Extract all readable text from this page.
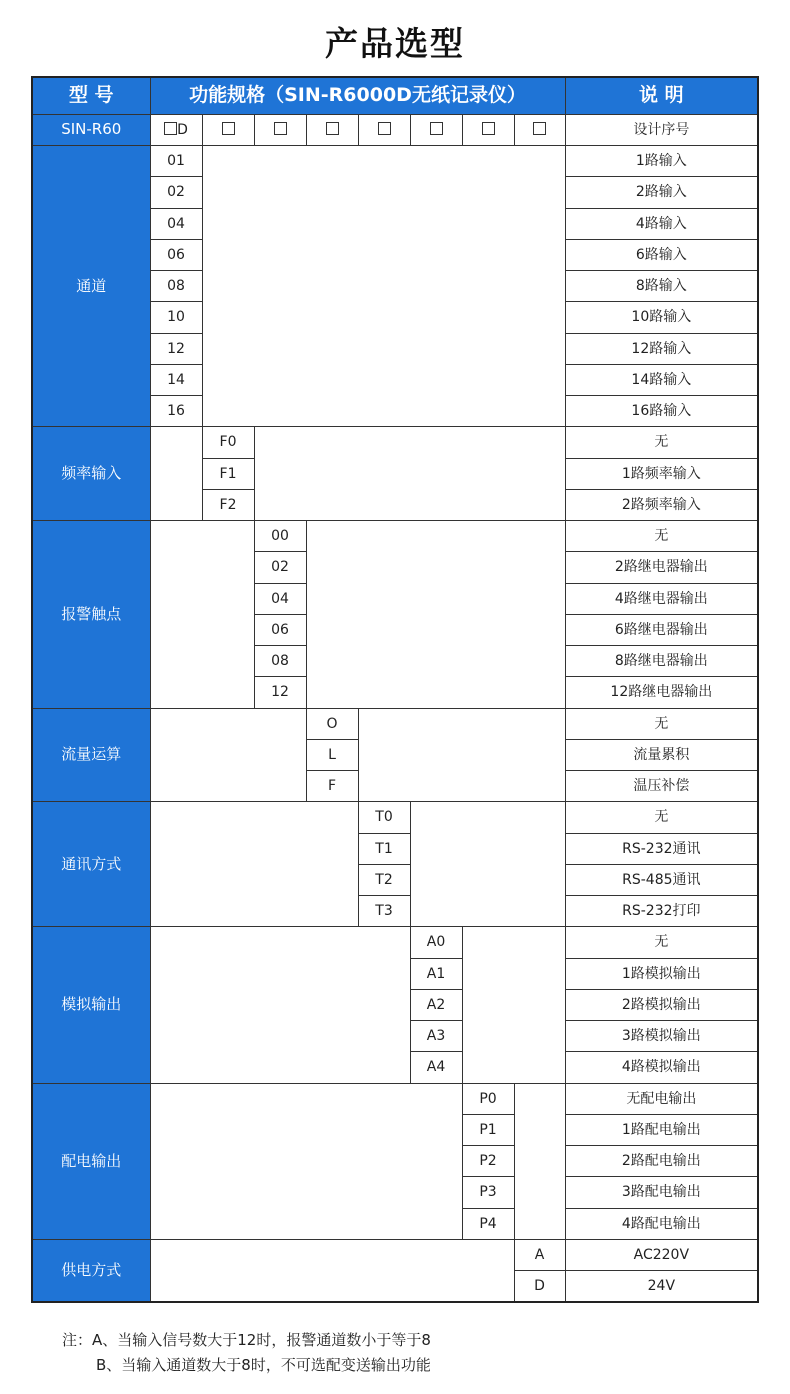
产品选型
型 号	功能规格（SIN-R6000D无纸记录仪）								说 明
SIN-R60	D								设计序号
通道	01								1路输入
	02								2路输入
	04								4路输入
	06								6路输入
	08								8路输入
	10								10路输入
	12								12路输入
	14								14路输入
	16								16路输入
频率输入		F0							无
		F1							1路频率输入
		F2							2路频率输入
报警触点			00						无
			02						2路继电器输出
			04						4路继电器输出
			06						6路继电器输出
			08						8路继电器输出
			12						12路继电器输出
流量运算				O					无
				L					流量累积
				F					温压补偿
通讯方式					T0				无
					T1				RS-232通讯
					T2				RS-485通讯
					T3				RS-232打印
模拟输出						A0			无
						A1			1路模拟输出
						A2			2路模拟输出
						A3			3路模拟输出
						A4			4路模拟输出
配电输出							P0		无配电输出
							P1		1路配电输出
							P2		2路配电输出
							P3		3路配电输出
							P4		4路配电输出
供电方式								A	AC220V
								D	24V
注：A、当输入信号数大于12时，报警通道数小于等于8
B、当输入通道数大于8时，不可选配变送输出功能
